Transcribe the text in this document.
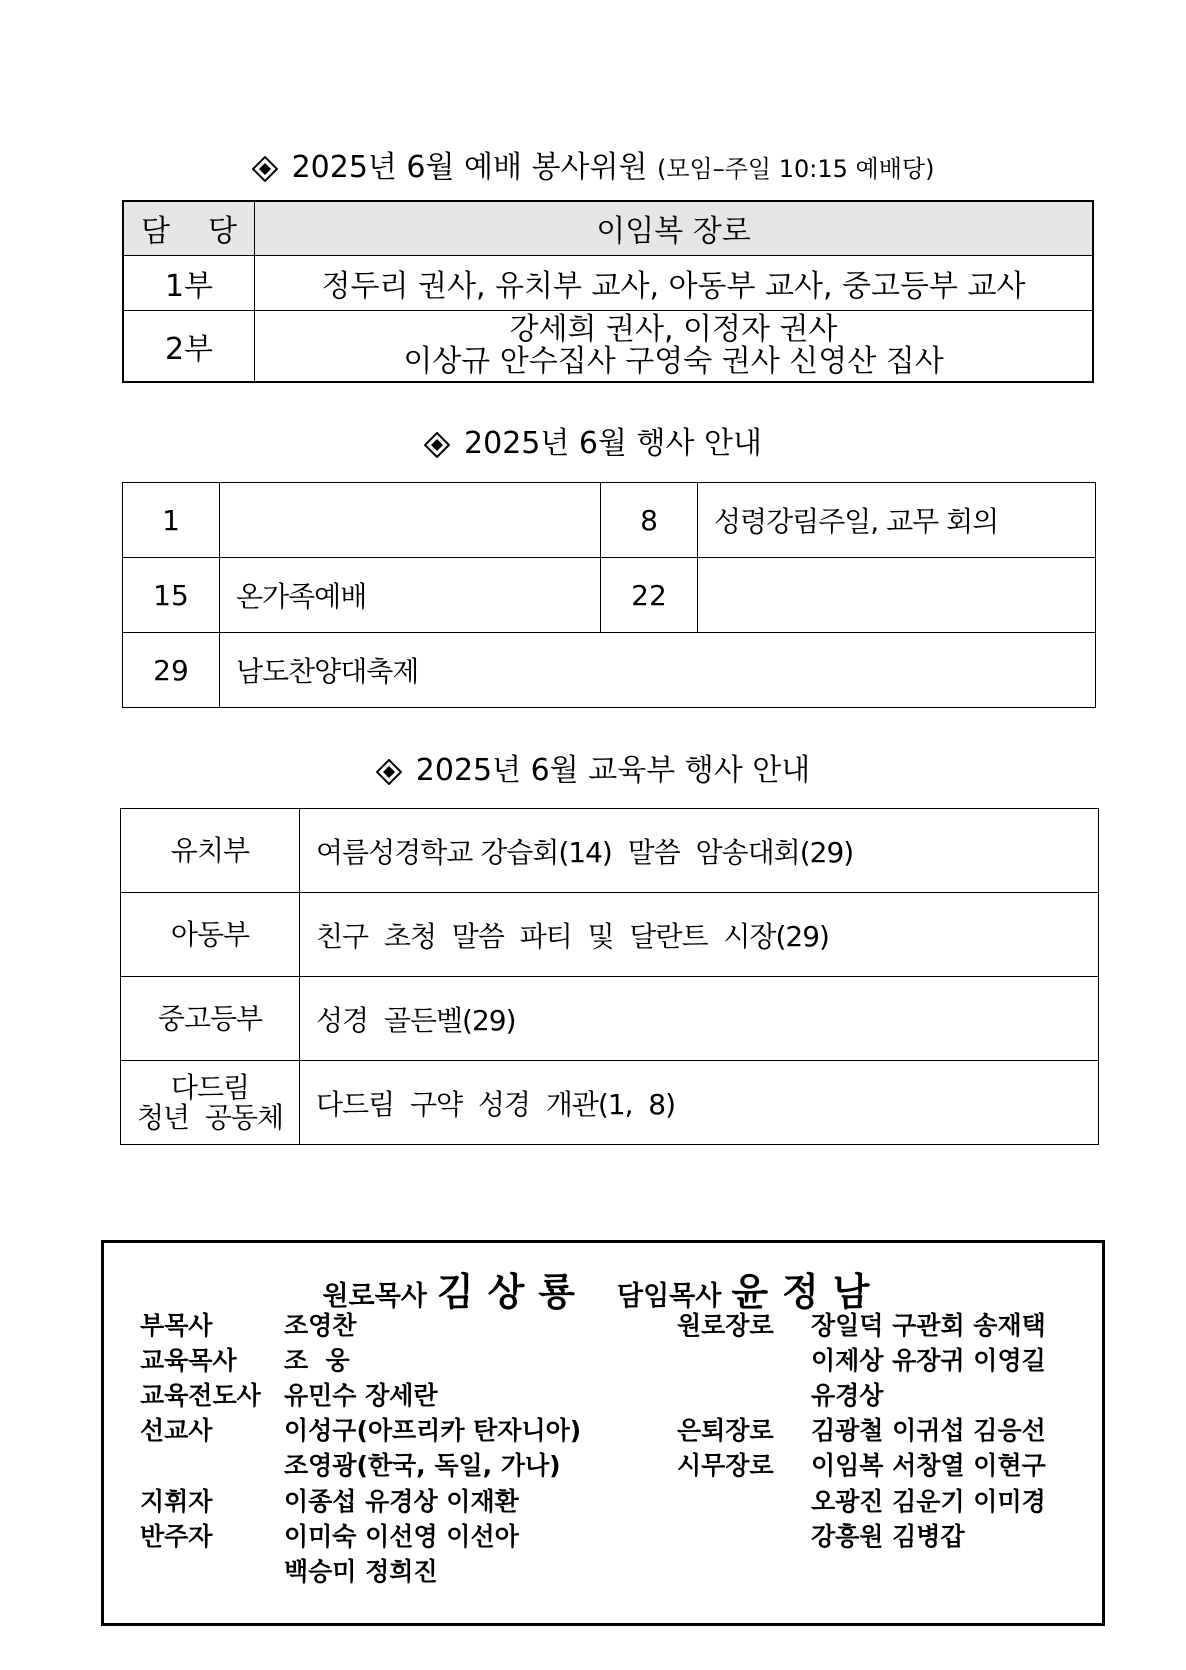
2025년 6월 예배 봉사위원 (모임–주일 10:15 예배당)
담    당	이임복 장로
1부	정두리 권사, 유치부 교사, 아동부 교사, 중고등부 교사
2부	강세희 권사, 이정자 권사
이상규 안수집사 구영숙 권사 신영산 집사
2025년 6월 행사 안내
1		8	성령강림주일, 교무 회의
15	온가족예배	22	
29	남도찬양대축제		
2025년 6월 교육부 행사 안내
유치부	여름성경학교 강습회(14)  말씀  암송대회(29)
아동부	친구  초청  말씀  파티  및  달란트  시장(29)
중고등부	성경  골든벨(29)

다드림
청년  공동체	다드림  구약  성경  개관(1,  8)
원로목사 김상룡 담임목사 윤정남
부목사	조영찬
교육목사	조  웅
교육전도사 유민수 장세란
선교사	이성구(아프리카 탄자니아)
조영광(한국, 독일, 가나)
지휘자	이종섭 유경상 이재환
반주자	이미숙 이선영 이선아
백승미 정희진
원로장로	장일덕 구관회 송재택
이제상 유장귀 이영길
유경상
은퇴장로	김광철 이귀섭 김응선
시무장로	이임복 서창열 이현구
오광진 김운기 이미경
강흥원 김병갑
